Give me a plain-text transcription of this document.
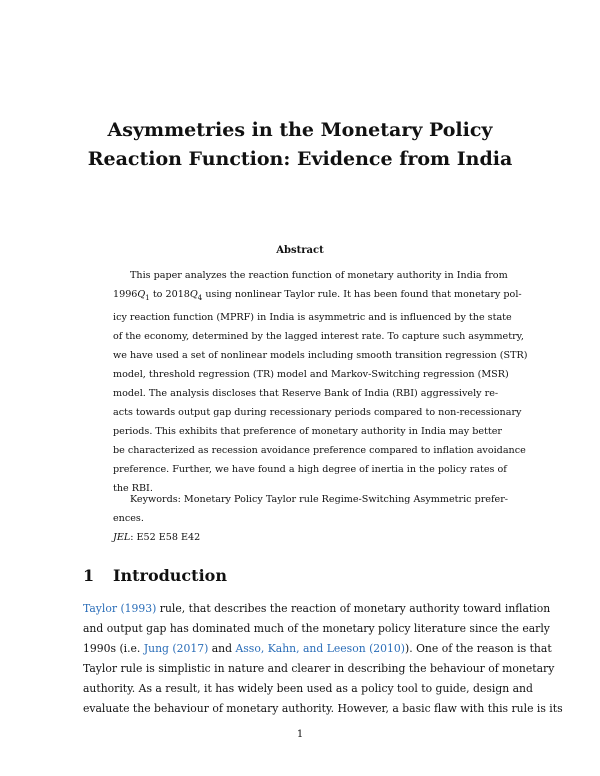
Asymmetries in the Monetary Policy
Reaction Function: Evidence from India
Abstract
This paper analyzes the reaction function of monetary authority in India from
$1996Q_1$ to $2018Q_4$ using nonlinear Taylor rule. It has been found that monetary pol-
icy reaction function (MPRF) in India is asymmetric and is influenced by the state
of the economy, determined by the lagged interest rate. To capture such asymmetry,
we have used a set of nonlinear models including smooth transition regression (STR)
model, threshold regression (TR) model and Markov-Switching regression (MSR)
model. The analysis discloses that Reserve Bank of India (RBI) aggressively re-
acts towards output gap during recessionary periods compared to non-recessionary
periods. This exhibits that preference of monetary authority in India may better
be characterized as recession avoidance preference compared to inflation avoidance
preference. Further, we have found a high degree of inertia in the policy rates of
the RBI.
Keywords: Monetary Policy Taylor rule Regime-Switching Asymmetric prefer-
ences.
JEL: E52 E58 E42
1 Introduction
Taylor (1993) rule, that describes the reaction of monetary authority toward inflation
and output gap has dominated much of the monetary policy literature since the early
1990s (i.e. Jung (2017) and Asso, Kahn, and Leeson (2010)). One of the reason is that
Taylor rule is simplistic in nature and clearer in describing the behaviour of monetary
authority. As a result, it has widely been used as a policy tool to guide, design and
evaluate the behaviour of monetary authority. However, a basic flaw with this rule is its
1
